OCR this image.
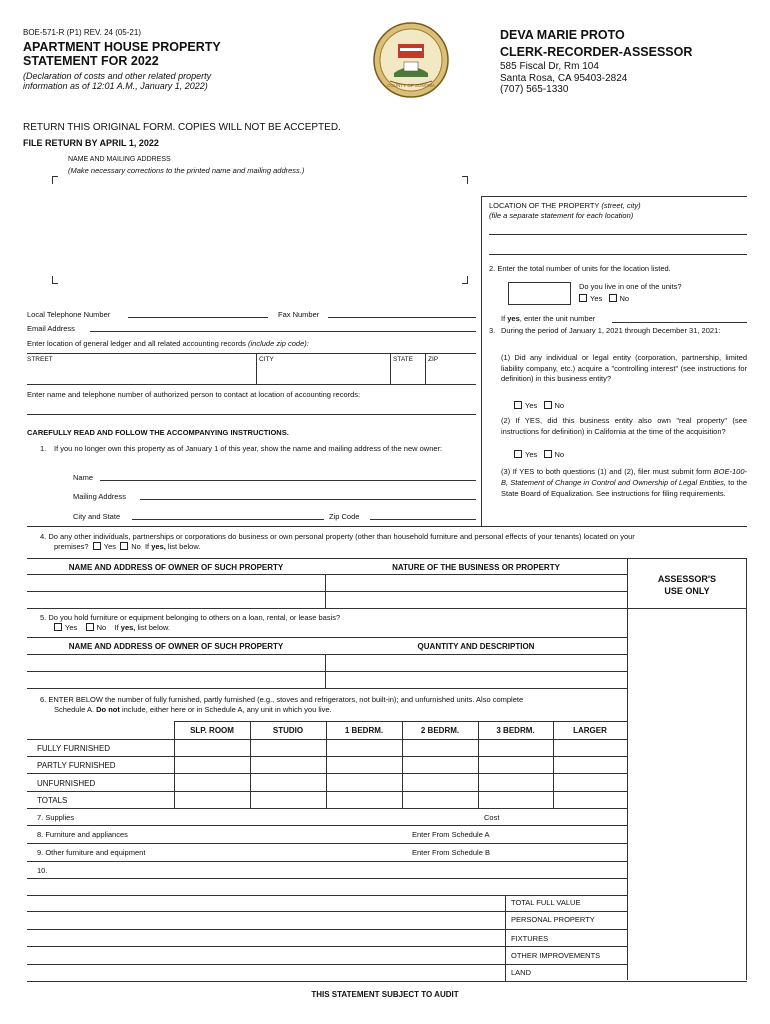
BOE-571-R (P1) REV. 24 (05-21)
APARTMENT HOUSE PROPERTY
STATEMENT FOR 2022
(Declaration of costs and other related property information as of 12:01 A.M., January 1, 2022)	COUNTY OF SONOMA
DEVA MARIE PROTO
CLERK-RECORDER-ASSESSOR
585 Fiscal Dr, Rm 104
Santa Rosa, CA 95403-2824
(707) 565-1330
RETURN THIS ORIGINAL FORM. COPIES WILL NOT BE ACCEPTED.
FILE RETURN BY APRIL 1, 2022
NAME AND MAILING ADDRESS
(Make necessary corrections to the printed name and mailing address.)
LOCATION OF THE PROPERTY (street, city)
(file a separate statement for each location)
2. Enter the total number of units for the location listed.
Do you live in one of the units?
Yes No
If yes, enter the unit number
3. During the period of January 1, 2021 through December 31, 2021:
(1) Did any individual or legal entity (corporation, partnership, limited liability company, etc.) acquire a "controlling interest" (see instructions for definition) in this business entity?
Yes No
(2) If YES, did this business entity also own "real property" (see instructions for definition) in California at the time of the acquisition?
Yes No
(3) If YES to both questions (1) and (2), filer must submit form BOE-100-B, Statement of Change in Control and Ownership of Legal Entities, to the State Board of Equalization. See instructions for filing requirements.
Local Telephone Number	Fax Number
Email Address
Enter location of general ledger and all related accounting records (include zip code):
STREET	CITY	STATE ZIP
Enter name and telephone number of authorized person to contact at location of accounting records:
CAREFULLY READ AND FOLLOW THE ACCOMPANYING INSTRUCTIONS.
1. If you no longer own this property as of January 1 of this year, show the name and mailing address of the new owner:
Name
Mailing Address
City and State	Zip Code
4. Do any other individuals, partnerships or corporations do business or own personal property (other than household furniture and personal effects of your tenants) located on your
premises? Yes No If yes, list below.
ASSESSOR'S
USE ONLY
NAME AND ADDRESS OF OWNER OF SUCH PROPERTY	NATURE OF THE BUSINESS OR PROPERTY
5. Do you hold furniture or equipment belonging to others on a loan, rental, or lease basis?
Yes	No If yes, list below.
NAME AND ADDRESS OF OWNER OF SUCH PROPERTY	QUANTITY AND DESCRIPTION
6. ENTER BELOW the number of fully furnished, partly furnished (e.g., stoves and refrigerators, not built-in); and unfurnished units. Also complete
Schedule A. Do not include, either here or in Schedule A, any unit in which you live.
SLP. ROOM	STUDIO	1 BEDRM.	2 BEDRM.	3 BEDRM.	LARGER
FULLY FURNISHED
PARTLY FURNISHED
UNFURNISHED
TOTALS
7. Supplies	Cost
8. Furniture and appliances	Enter From Schedule A
9. Other furniture and equipment	Enter From Schedule B
10.
TOTAL FULL VALUE
PERSONAL PROPERTY
FIXTURES
OTHER IMPROVEMENTS
LAND
THIS STATEMENT SUBJECT TO AUDIT
